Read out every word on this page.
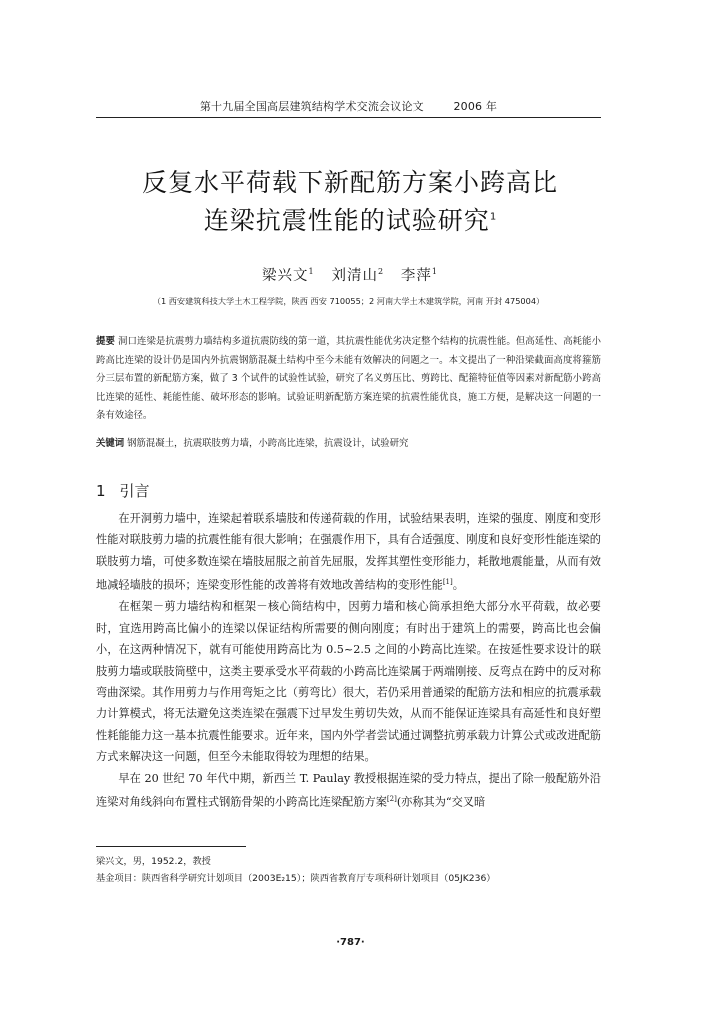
第十九届全国高层建筑结构学术交流会议论文	2006 年
反复水平荷载下新配筋方案小跨高比
连梁抗震性能的试验研究$^1$
梁兴文$^1$ 刘清山$^2$ 李萍$^1$
（1 西安建筑科技大学土木工程学院，陕西 西安 710055；2 河南大学土木建筑学院，河南 开封 475004）
提要 洞口连梁是抗震剪力墙结构多道抗震防线的第一道，其抗震性能优劣决定整个结构的抗震性能。但高延性、高耗能小跨高比连梁的设计仍是国内外抗震钢筋混凝土结构中至今未能有效解决的问题之一。本文提出了一种沿梁截面高度将箍筋分三层布置的新配筋方案，做了 3 个试件的试验性试验，研究了名义剪压比、剪跨比、配箍特征值等因素对新配筋小跨高比连梁的延性、耗能性能、破坏形态的影响。试验证明新配筋方案连梁的抗震性能优良，施工方便，是解决这一问题的一条有效途径。
关键词 钢筋混凝土，抗震联肢剪力墙，小跨高比连梁，抗震设计，试验研究
1 引言

在开洞剪力墙中，连梁起着联系墙肢和传递荷载的作用，试验结果表明，连梁的强度、刚度和变形性能对联肢剪力墙的抗震性能有很大影响；在强震作用下，具有合适强度、刚度和良好变形性能连梁的联肢剪力墙，可使多数连梁在墙肢屈服之前首先屈服，发挥其塑性变形能力，耗散地震能量，从而有效地减轻墙肢的损坏；连梁变形性能的改善将有效地改善结构的变形性能[1]。

在框架－剪力墙结构和框架－核心筒结构中，因剪力墙和核心筒承担绝大部分水平荷载，故必要时，宜选用跨高比偏小的连梁以保证结构所需要的侧向刚度；有时出于建筑上的需要，跨高比也会偏小，在这两种情况下，就有可能使用跨高比为 0.5~2.5 之间的小跨高比连梁。在按延性要求设计的联肢剪力墙或联肢筒壁中，这类主要承受水平荷载的小跨高比连梁属于两端刚接、反弯点在跨中的反对称弯曲深梁。其作用剪力与作用弯矩之比（剪弯比）很大，若仍采用普通梁的配筋方法和相应的抗震承载力计算模式，将无法避免这类连梁在强震下过早发生剪切失效，从而不能保证连梁具有高延性和良好塑性耗能能力这一基本抗震性能要求。近年来，国内外学者尝试通过调整抗剪承载力计算公式或改进配筋方式来解决这一问题，但至今未能取得较为理想的结果。

早在 20 世纪 70 年代中期，新西兰 T. Paulay 教授根据连梁的受力特点，提出了除一般配筋外沿连梁对角线斜向布置柱式钢筋骨架的小跨高比连梁配筋方案[2](亦称其为“交叉暗

梁兴文，男，1952.2，教授
基金项目：陕西省科学研究计划项目（2003E₂15）；陕西省教育厅专项科研计划项目（05JK236）
·787·
